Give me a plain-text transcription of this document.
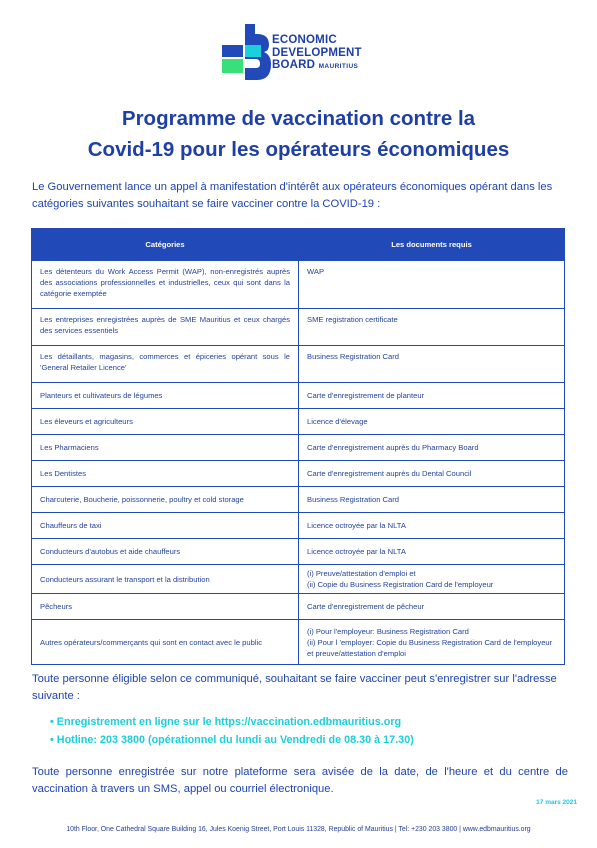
ECONOMIC
DEVELOPMENT
BOARD MAURITIUS
Programme de vaccination contre la
Covid-19 pour les opérateurs économiques

Le Gouvernement lance un appel à manifestation d'intérêt aux opérateurs économiques opérant dans les catégories suivantes souhaitant se faire vacciner contre la COVID-19 :

Catégories	Les documents requis
Les détenteurs du Work Access Permit (WAP), non-enregistrés auprès des associations professionnelles et industrielles, ceux qui sont dans la catégorie exemptée	WAP

Les entreprises enregistrées auprès de SME Mauritius et ceux chargés des services essentiels	SME registration certificate

Les détaillants, magasins, commerces et épiceries opérant sous le 'General Retailer Licence'	Business Registration Card

Planteurs et cultivateurs de légumes	Carte d'enregistrement de planteur

Les éleveurs et agriculteurs	Licence d'élevage

Les Pharmaciens	Carte d'enregistrement auprès du Pharmacy Board

Les Dentistes	Carte d'enregistrement auprès du Dental Council

Charcuterie, Boucherie, poissonnerie, poultry et cold storage	Business Registration Card

Chauffeurs de taxi	Licence octroyée par la NLTA

Conducteurs d'autobus et aide chauffeurs	Licence octroyée par la NLTA

Conducteurs assurant le transport et la distribution	(i) Preuve/attestation d'emploi et
(ii) Copie du Business Registration Card de l'employeur

Pêcheurs	Carte d'enregistrement de pêcheur

Autres opérateurs/commerçants qui sont en contact avec le public	(i) Pour l'employeur: Business Registration Card
(ii) Pour l 'employer: Copie du Business Registration Card de l'employeur et preuve/attestation d'emploi

Toute personne éligible selon ce communiqué, souhaitant se faire vacciner peut s'enregistrer sur l'adresse suivante :

• Enregistrement en ligne sur le https://vaccination.edbmauritius.org
• Hotline: 203 3800 (opérationnel du lundi au Vendredi de 08.30 à 17.30)

Toute personne enregistrée sur notre plateforme sera avisée de la date, de l'heure et du centre de vaccination à travers un SMS, appel ou courriel électronique.

17 mars 2021
10th Floor, One Cathedral Square Building 16, Jules Koenig Street, Port Louis 11328, Republic of Mauritius | Tel: +230 203 3800 | www.edbmauritius.org
